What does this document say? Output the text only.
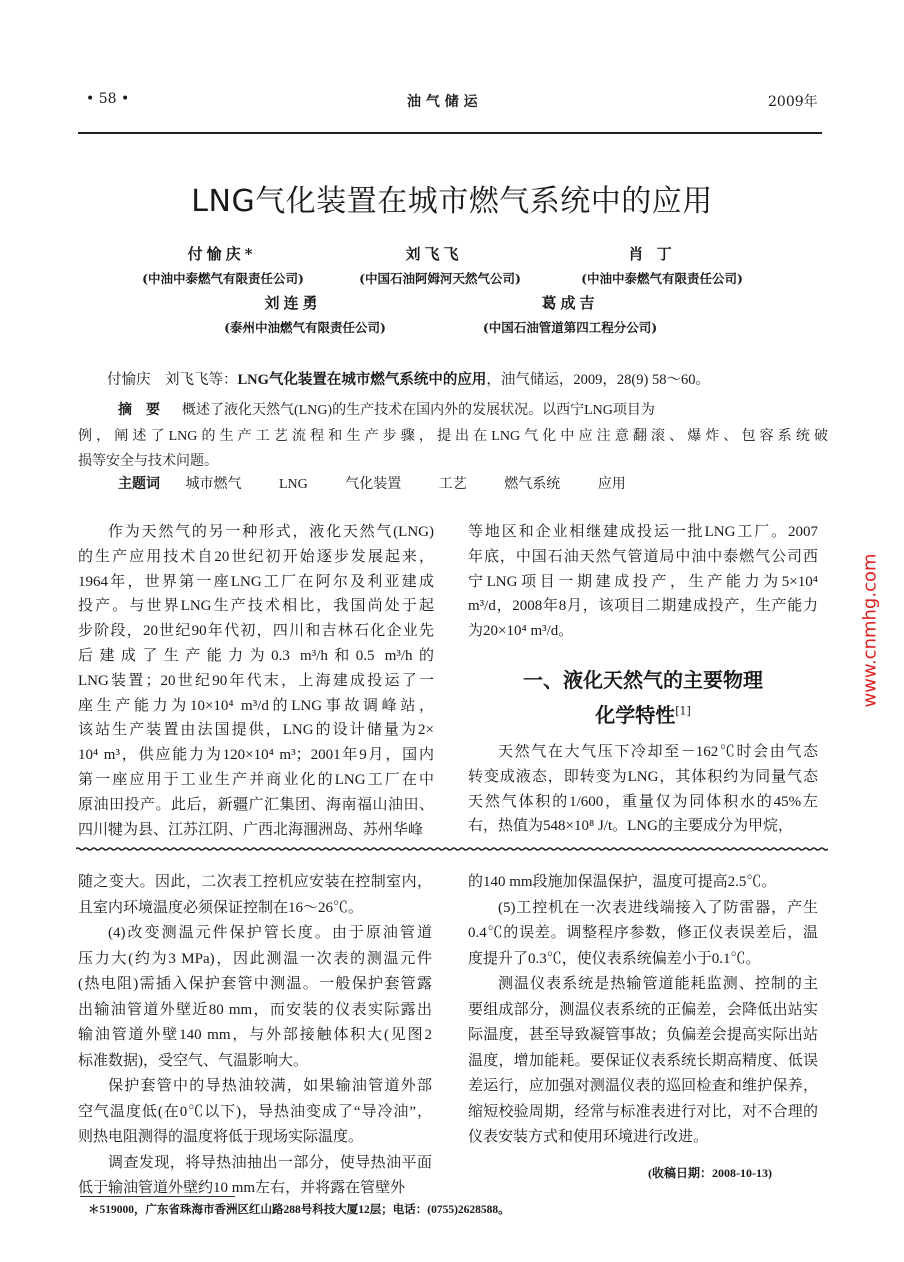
• 58 •	油 气 储 运	2009年
LNG气化装置在城市燃气系统中的应用
付愉庆*	刘飞飞	肖 丁
(中油中泰燃气有限责任公司)	(中国石油阿姆河天然气公司)	(中油中泰燃气有限责任公司)
刘连勇	葛成吉
(泰州中油燃气有限责任公司)	(中国石油管道第四工程分公司)
付愉庆　刘飞飞等：LNG气化装置在城市燃气系统中的应用，油气储运，2009，28(9) 58～60。
摘　要 概述了液化天然气(LNG)的生产技术在国内外的发展状况。以西宁LNG项目为
例，阐述了LNG的生产工艺流程和生产步骤，提出在LNG气化中应注意翻滚、爆炸、包容系统破
损等安全与技术问题。
主题词 城市燃气	LNG	气化装置	工艺	燃气系统	应用
作为天然气的另一种形式，液化天然气(LNG)
的生产应用技术自20世纪初开始逐步发展起来，
1964年，世界第一座LNG工厂在阿尔及利亚建成
投产。与世界LNG生产技术相比，我国尚处于起
步阶段，20世纪90年代初，四川和吉林石化企业先
后建成了生产能力为0.3 m³/h和0.5 m³/h的
LNG装置；20世纪90年代末，上海建成投运了一
座生产能力为10×10⁴ m³/d的LNG事故调峰站，
该站生产装置由法国提供，LNG的设计储量为2×
10⁴ m³，供应能力为120×10⁴ m³；2001年9月，国内
第一座应用于工业生产并商业化的LNG工厂在中
原油田投产。此后，新疆广汇集团、海南福山油田、
四川犍为县、江苏江阴、广西北海涠洲岛、苏州华峰
等地区和企业相继建成投运一批LNG工厂。2007
年底，中国石油天然气管道局中油中泰燃气公司西
宁LNG项目一期建成投产，生产能力为5×10⁴
m³/d，2008年8月，该项目二期建成投产，生产能力
为20×10⁴ m³/d。
一、液化天然气的主要物理
化学特性[1]
天然气在大气压下冷却至－162℃时会由气态
转变成液态，即转变为LNG，其体积约为同量气态
天然气体积的1/600，重量仅为同体积水的45%左
右，热值为548×10⁸ J/t。LNG的主要成分为甲烷，
随之变大。因此，二次表工控机应安装在控制室内，
且室内环境温度必须保证控制在16～26℃。
(4)改变测温元件保护管长度。由于原油管道
压力大(约为3 MPa)，因此测温一次表的测温元件
(热电阻)需插入保护套管中测温。一般保护套管露
出输油管道外壁近80 mm，而安装的仪表实际露出
输油管道外壁140 mm，与外部接触体积大(见图2
标准数据)，受空气、气温影响大。
保护套管中的导热油较满，如果输油管道外部
空气温度低(在0℃以下)，导热油变成了“导冷油”，
则热电阻测得的温度将低于现场实际温度。
调查发现，将导热油抽出一部分，使导热油平面
低于输油管道外壁约10 mm左右，并将露在管壁外
的140 mm段施加保温保护，温度可提高2.5℃。
(5)工控机在一次表进线端接入了防雷器，产生
0.4℃的误差。调整程序参数，修正仪表误差后，温
度提升了0.3℃，使仪表系统偏差小于0.1℃。
测温仪表系统是热输管道能耗监测、控制的主
要组成部分，测温仪表系统的正偏差，会降低出站实
际温度，甚至导致凝管事故；负偏差会提高实际出站
温度，增加能耗。要保证仪表系统长期高精度、低误
差运行，应加强对测温仪表的巡回检查和维护保养，
缩短校验周期，经常与标准表进行对比，对不合理的
仪表安装方式和使用环境进行改进。
(收稿日期：2008-10-13)
＊519000，广东省珠海市香洲区红山路288号科技大厦12层；电话：(0755)2628588。
www.cnmhg.com
